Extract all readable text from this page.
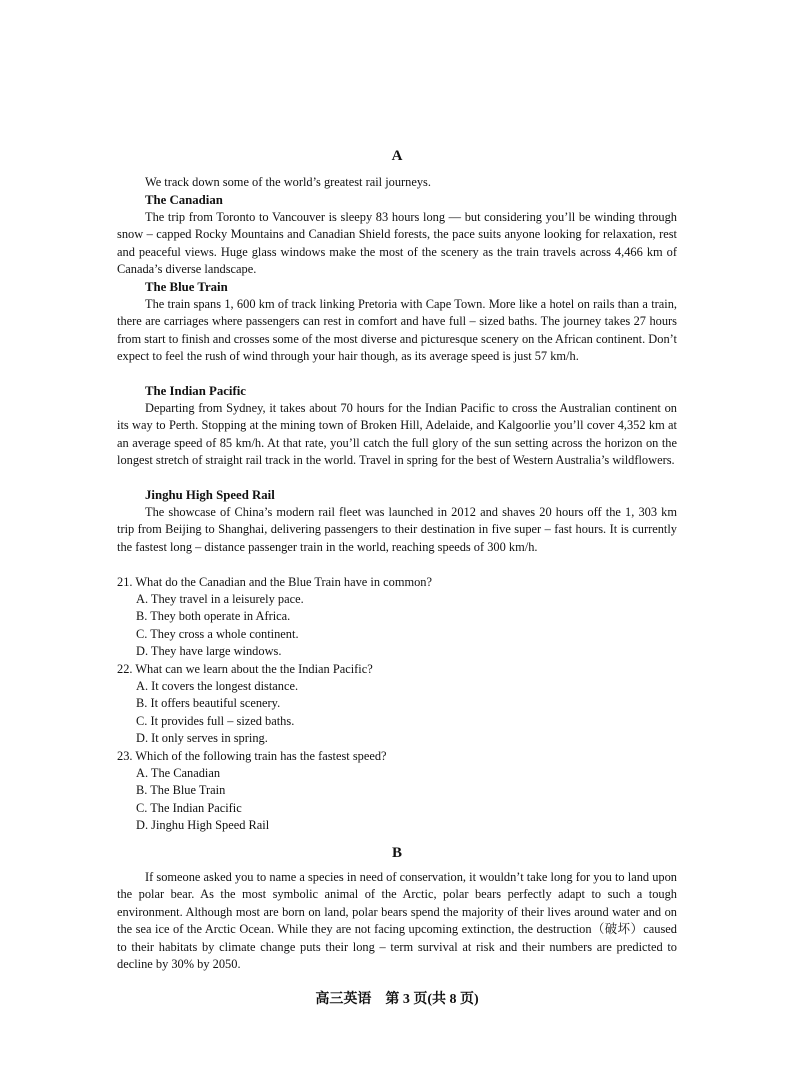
A

We track down some of the world’s greatest rail journeys.

The Canadian

The trip from Toronto to Vancouver is sleepy 83 hours long — but considering you’ll be winding through snow – capped Rocky Mountains and Canadian Shield forests, the pace suits anyone looking for relaxation, rest and peaceful views. Huge glass windows make the most of the scenery as the train travels across 4,466 km of Canada’s diverse landscape.

The Blue Train

The train spans 1, 600 km of track linking Pretoria with Cape Town. More like a hotel on rails than a train, there are carriages where passengers can rest in comfort and have full – sized baths. The journey takes 27 hours from start to finish and crosses some of the most diverse and picturesque scenery on the African continent. Don’t expect to feel the rush of wind through your hair though, as its average speed is just 57 km/h.

The Indian Pacific

Departing from Sydney, it takes about 70 hours for the Indian Pacific to cross the Australian continent on its way to Perth. Stopping at the mining town of Broken Hill, Adelaide, and Kalgoorlie you’ll cover 4,352 km at an average speed of 85 km/h. At that rate, you’ll catch the full glory of the sun setting across the horizon on the longest stretch of straight rail track in the world. Travel in spring for the best of Western Australia’s wildflowers.

Jinghu High Speed Rail

The showcase of China’s modern rail fleet was launched in 2012 and shaves 20 hours off the 1, 303 km trip from Beijing to Shanghai, delivering passengers to their destination in five super – fast hours. It is currently the fastest long – distance passenger train in the world, reaching speeds of 300 km/h.

21. What do the Canadian and the Blue Train have in common?
A. They travel in a leisurely pace.
B. They both operate in Africa.
C. They cross a whole continent.
D. They have large windows.
22. What can we learn about the the Indian Pacific?
A. It covers the longest distance.
B. It offers beautiful scenery.
C. It provides full – sized baths.
D. It only serves in spring.
23. Which of the following train has the fastest speed?
A. The Canadian
B. The Blue Train
C. The Indian Pacific
D. Jinghu High Speed Rail
B

If someone asked you to name a species in need of conservation, it wouldn’t take long for you to land upon the polar bear. As the most symbolic animal of the Arctic, polar bears perfectly adapt to such a tough environment. Although most are born on land, polar bears spend the majority of their lives around water and on the sea ice of the Arctic Ocean. While they are not facing upcoming extinction, the destruction（破坏）caused to their habitats by climate change puts their long – term survival at risk and their numbers are predicted to decline by 30% by 2050.

高三英语　第 3 页(共 8 页)
